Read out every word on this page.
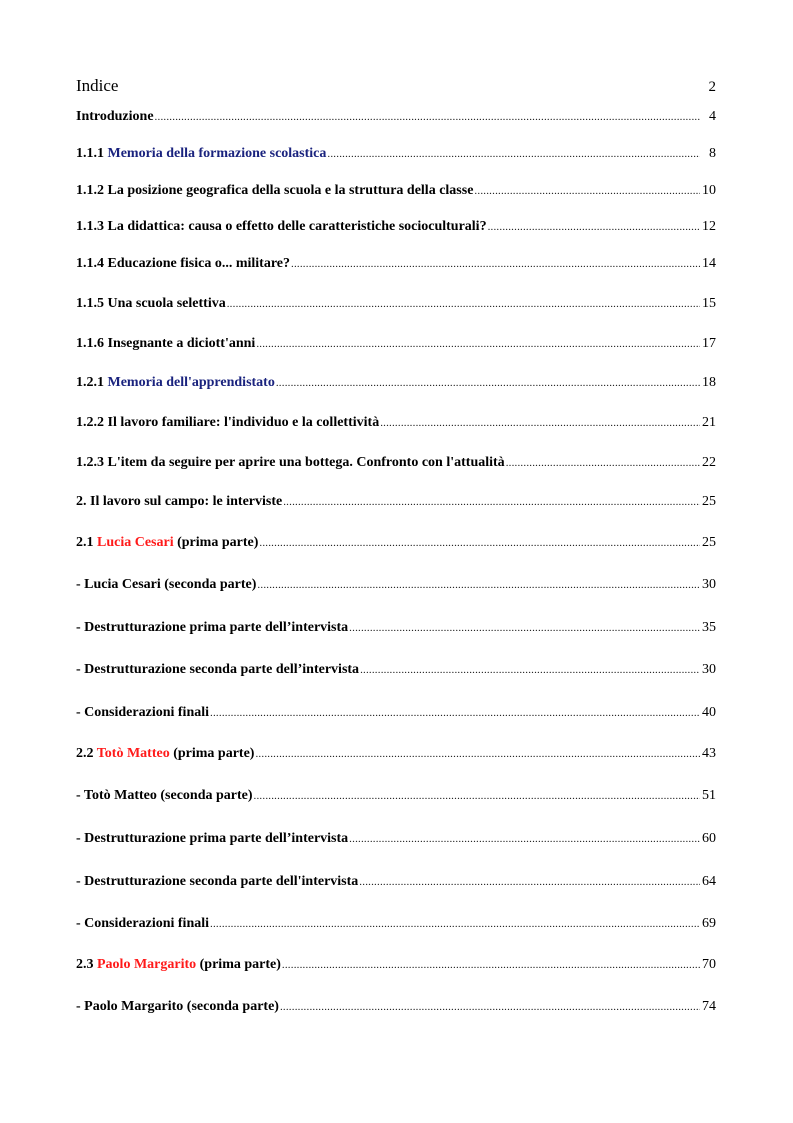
Indice	2
Introduzione .....	4
1.1.1 Memoria della formazione scolastica .....	8
1.1.2 La posizione geografica della scuola e la struttura della classe .....	10
1.1.3 La didattica: causa o effetto delle caratteristiche socioculturali? .....	12
1.1.4 Educazione fisica o... militare? .....	14
1.1.5 Una scuola selettiva .....	15
1.1.6 Insegnante a diciott'anni .....	17
1.2.1 Memoria dell'apprendistato .....	18
1.2.2 Il lavoro familiare: l'individuo e la collettività .....	21
1.2.3 L'item da seguire per aprire una bottega. Confronto con l'attualità .....	22
2. Il lavoro sul campo: le interviste .....	25
2.1 Lucia Cesari (prima parte) .....	25
- Lucia Cesari (seconda parte) .....	30
- Destrutturazione prima parte dell’intervista .....	35
- Destrutturazione seconda parte dell’intervista .....	30
- Considerazioni finali .....	40
2.2 Totò Matteo (prima parte) .....	43
- Totò Matteo (seconda parte) .....	51
- Destrutturazione prima parte dell’intervista .....	60
- Destrutturazione seconda parte dell'intervista .....	64
- Considerazioni finali .....	69
2.3 Paolo Margarito (prima parte) .....	70
- Paolo Margarito (seconda parte) .....	74
